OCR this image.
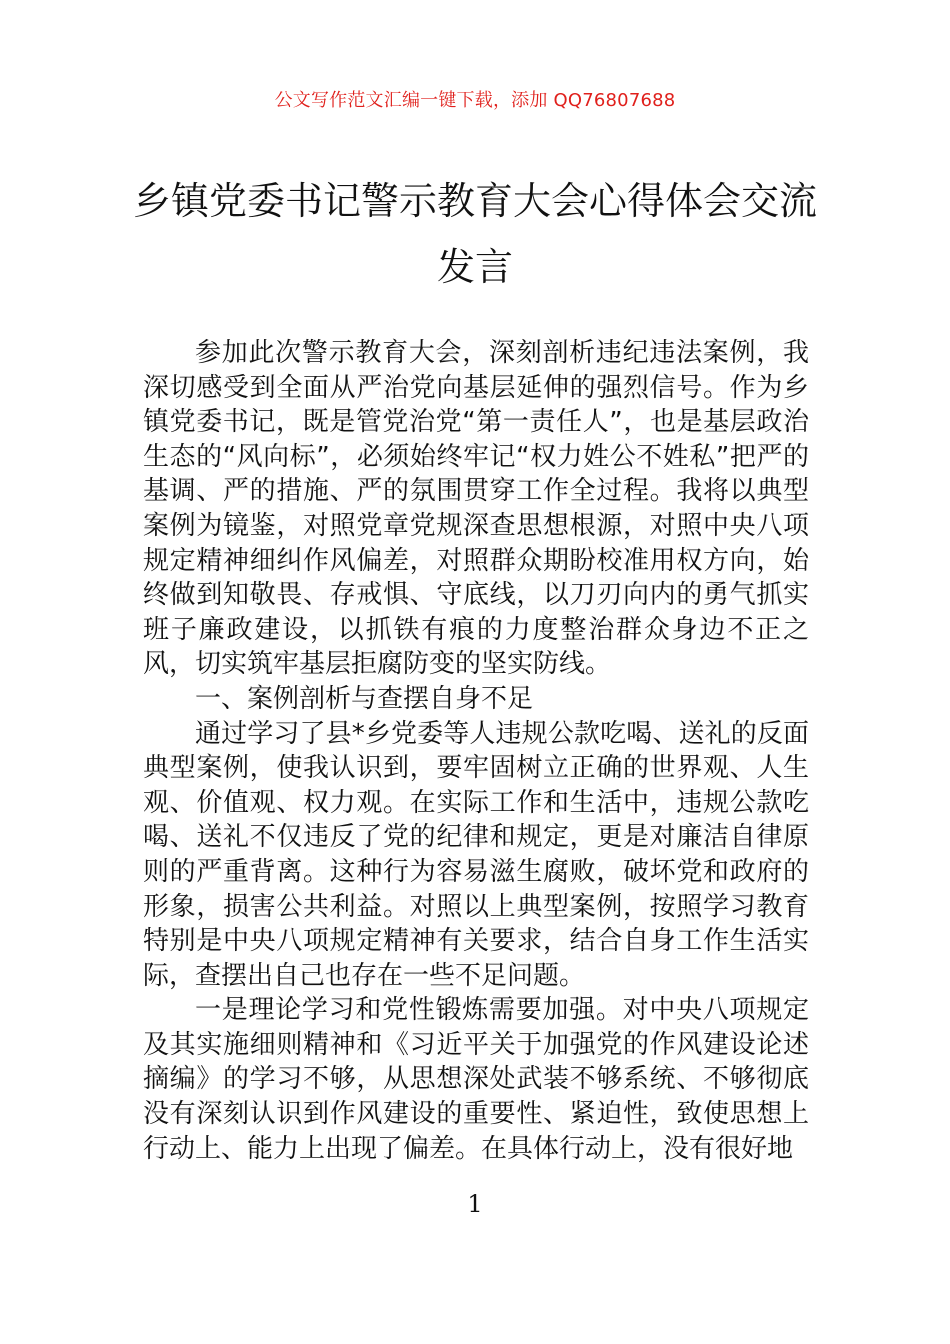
公文写作范文汇编一键下载，添加 QQ76807688
乡镇党委书记警示教育大会心得体会交流发言

参加此次警示教育大会，深刻剖析违纪违法案例，我深切感受到全面从严治党向基层延伸的强烈信号。作为乡镇党委书记，既是管党治党“第一责任人”，也是基层政治生态的“风向标”，必须始终牢记“权力姓公不姓私”把严的基调、严的措施、严的氛围贯穿工作全过程。我将以典型案例为镜鉴，对照党章党规深查思想根源，对照中央八项规定精神细纠作风偏差，对照群众期盼校准用权方向，始终做到知敬畏、存戒惧、守底线，以刀刃向内的勇气抓实班子廉政建设，以抓铁有痕的力度整治群众身边不正之风，切实筑牢基层拒腐防变的坚实防线。

一、案例剖析与查摆自身不足

通过学习了县*乡党委等人违规公款吃喝、送礼的反面典型案例，使我认识到，要牢固树立正确的世界观、人生观、价值观、权力观。在实际工作和生活中，违规公款吃喝、送礼不仅违反了党的纪律和规定，更是对廉洁自律原则的严重背离。这种行为容易滋生腐败，破坏党和政府的形象，损害公共利益。对照以上典型案例，按照学习教育特别是中央八项规定精神有关要求，结合自身工作生活实际，查摆出自己也存在一些不足问题。

一是理论学习和党性锻炼需要加强。对中央八项规定及其实施细则精神和《习近平关于加强党的作风建设论述摘编》的学习不够，从思想深处武装不够系统、不够彻底没有深刻认识到作风建设的重要性、紧迫性，致使思想上行动上、能力上出现了偏差。在具体行动上，没有很好地

1
